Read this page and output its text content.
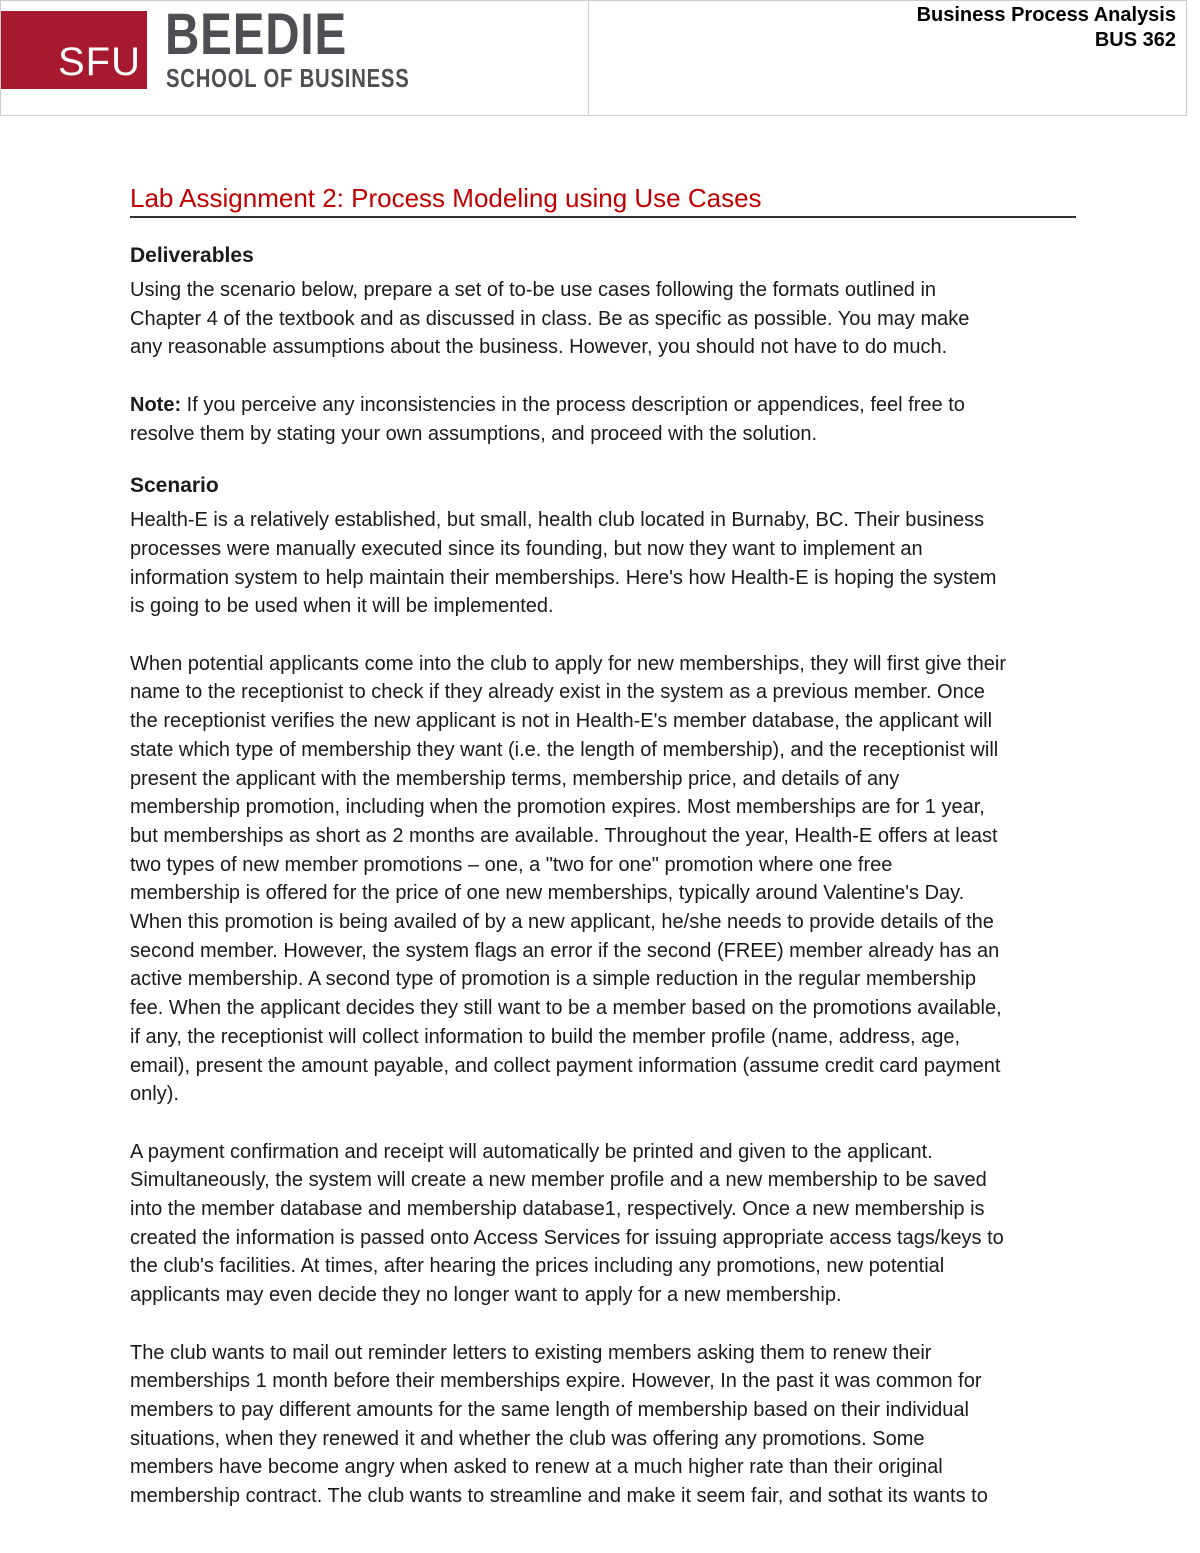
SFU BEEDIE
SCHOOL OF BUSINESS
Business Process Analysis
BUS 362
Lab Assignment 2: Process Modeling using Use Cases
Deliverables

Using the scenario below, prepare a set of to-be use cases following the formats outlined in
Chapter 4 of the textbook and as discussed in class. Be as specific as possible. You may make
any reasonable assumptions about the business. However, you should not have to do much.

Note: If you perceive any inconsistencies in the process description or appendices, feel free to
resolve them by stating your own assumptions, and proceed with the solution.

Scenario

Health-E is a relatively established, but small, health club located in Burnaby, BC. Their business
processes were manually executed since its founding, but now they want to implement an
information system to help maintain their memberships. Here's how Health-E is hoping the system
is going to be used when it will be implemented.

When potential applicants come into the club to apply for new memberships, they will first give their
name to the receptionist to check if they already exist in the system as a previous member. Once
the receptionist verifies the new applicant is not in Health-E's member database, the applicant will
state which type of membership they want (i.e. the length of membership), and the receptionist will
present the applicant with the membership terms, membership price, and details of any
membership promotion, including when the promotion expires. Most memberships are for 1 year,
but memberships as short as 2 months are available. Throughout the year, Health-E offers at least
two types of new member promotions – one, a "two for one" promotion where one free
membership is offered for the price of one new memberships, typically around Valentine's Day.
When this promotion is being availed of by a new applicant, he/she needs to provide details of the
second member. However, the system flags an error if the second (FREE) member already has an
active membership. A second type of promotion is a simple reduction in the regular membership
fee. When the applicant decides they still want to be a member based on the promotions available,
if any, the receptionist will collect information to build the member profile (name, address, age,
email), present the amount payable, and collect payment information (assume credit card payment
only).

A payment confirmation and receipt will automatically be printed and given to the applicant.
Simultaneously, the system will create a new member profile and a new membership to be saved
into the member database and membership database1, respectively. Once a new membership is
created the information is passed onto Access Services for issuing appropriate access tags/keys to
the club's facilities. At times, after hearing the prices including any promotions, new potential
applicants may even decide they no longer want to apply for a new membership.

The club wants to mail out reminder letters to existing members asking them to renew their
memberships 1 month before their memberships expire. However, In the past it was common for
members to pay different amounts for the same length of membership based on their individual
situations, when they renewed it and whether the club was offering any promotions. Some
members have become angry when asked to renew at a much higher rate than their original
membership contract. The club wants to streamline and make it seem fair, and sothat its wants to
